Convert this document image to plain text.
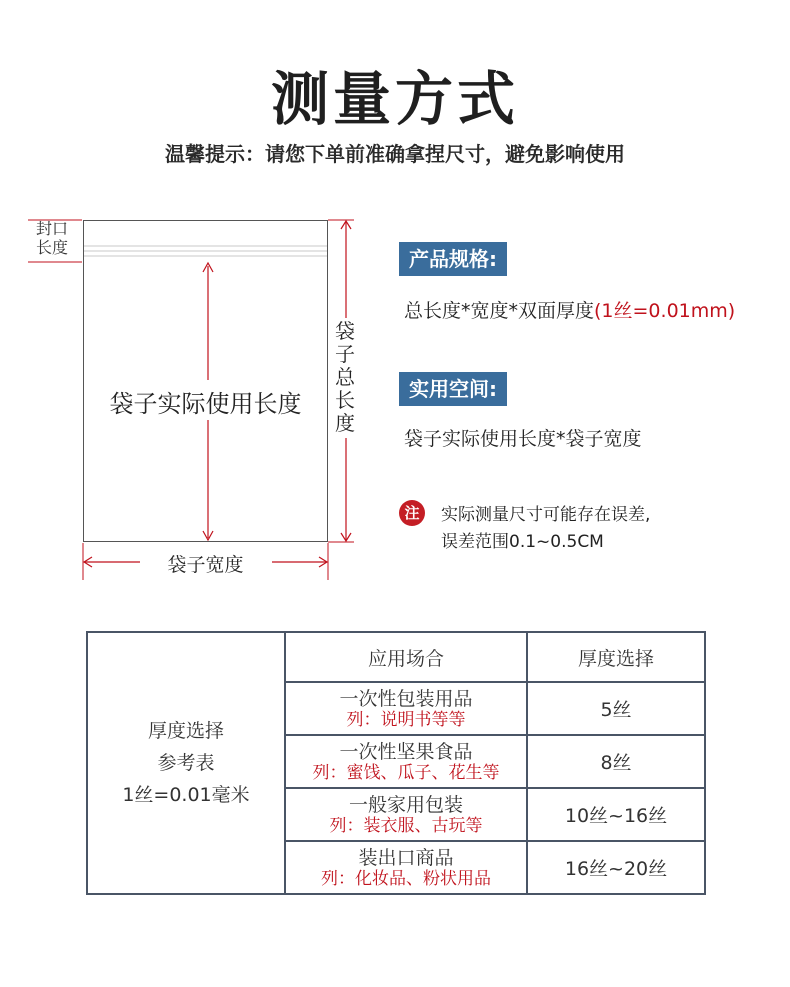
测量方式
温馨提示：请您下单前准确拿捏尺寸，避免影响使用
封口
长度
袋子实际使用长度
袋子宽度
袋子总长度
产品规格:
总长度*宽度*双面厚度(1丝=0.01mm)
实用空间:
袋子实际使用长度*袋子宽度
注	实际测量尺寸可能存在误差,
误差范围0.1~0.5CM
厚度选择
参考表
1丝=0.01毫米	应用场合	厚度选择

	一次性包装用品
列：说明书等等	5丝

	一次性坚果食品
列：蜜饯、瓜子、花生等	8丝

	一般家用包装
列：装衣服、古玩等	10丝~16丝

	装出口商品
列：化妆品、粉状用品	16丝~20丝
